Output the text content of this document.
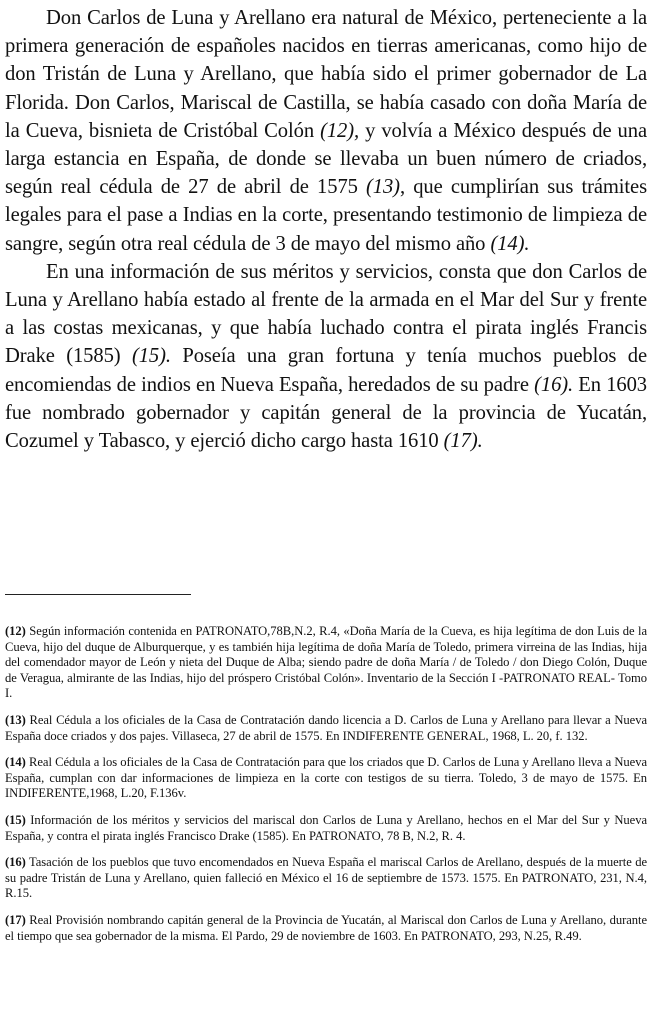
Don Carlos de Luna y Arellano era natural de México, perteneciente a la primera generación de españoles nacidos en tierras americanas, como hijo de don Tristán de Luna y Arellano, que había sido el primer gobernador de La Florida. Don Carlos, Mariscal de Castilla, se había casado con doña María de la Cueva, bisnieta de Cristóbal Colón (12), y volvía a México después de una larga estancia en España, de donde se llevaba un buen número de criados, según real cédula de 27 de abril de 1575 (13), que cumplirían sus trámites legales para el pase a Indias en la corte, presentando testimonio de limpieza de sangre, según otra real cédula de 3 de mayo del mismo año (14).

En una información de sus méritos y servicios, consta que don Carlos de Luna y Arellano había estado al frente de la armada en el Mar del Sur y frente a las costas mexicanas, y que había luchado contra el pirata inglés Francis Drake (1585) (15). Poseía una gran fortuna y tenía muchos pueblos de encomiendas de indios en Nueva España, heredados de su padre (16). En 1603 fue nombrado gobernador y capitán general de la provincia de Yucatán, Cozumel y Tabasco, y ejerció dicho cargo hasta 1610 (17).

(12) Según información contenida en PATRONATO,78B,N.2, R.4, «Doña María de la Cueva, es hija legítima de don Luis de la Cueva, hijo del duque de Alburquerque, y es también hija legítima de doña María de Toledo, primera virreina de las Indias, hija del comendador mayor de León y nieta del Duque de Alba; siendo padre de doña María / de Toledo / don Diego Colón, Duque de Veragua, almirante de las Indias, hijo del próspero Cristóbal Colón». Inventario de la Sección I -PATRONATO REAL- Tomo I.

(13) Real Cédula a los oficiales de la Casa de Contratación dando licencia a D. Carlos de Luna y Arellano para llevar a Nueva España doce criados y dos pajes. Villaseca, 27 de abril de 1575. En INDIFERENTE GENERAL, 1968, L. 20, f. 132.

(14) Real Cédula a los oficiales de la Casa de Contratación para que los criados que D. Carlos de Luna y Arellano lleva a Nueva España, cumplan con dar informaciones de limpieza en la corte con testigos de su tierra. Toledo, 3 de mayo de 1575. En INDIFERENTE,1968, L.20, F.136v.

(15) Información de los méritos y servicios del mariscal don Carlos de Luna y Arellano, hechos en el Mar del Sur y Nueva España, y contra el pirata inglés Francisco Drake (1585). En PATRONATO, 78 B, N.2, R. 4.

(16) Tasación de los pueblos que tuvo encomendados en Nueva España el mariscal Carlos de Arellano, después de la muerte de su padre Tristán de Luna y Arellano, quien falleció en México el 16 de septiembre de 1573. 1575. En PATRONATO, 231, N.4, R.15.

(17) Real Provisión nombrando capitán general de la Provincia de Yucatán, al Mariscal don Carlos de Luna y Arellano, durante el tiempo que sea gobernador de la misma. El Pardo, 29 de noviembre de 1603. En PATRONATO, 293, N.25, R.49.
